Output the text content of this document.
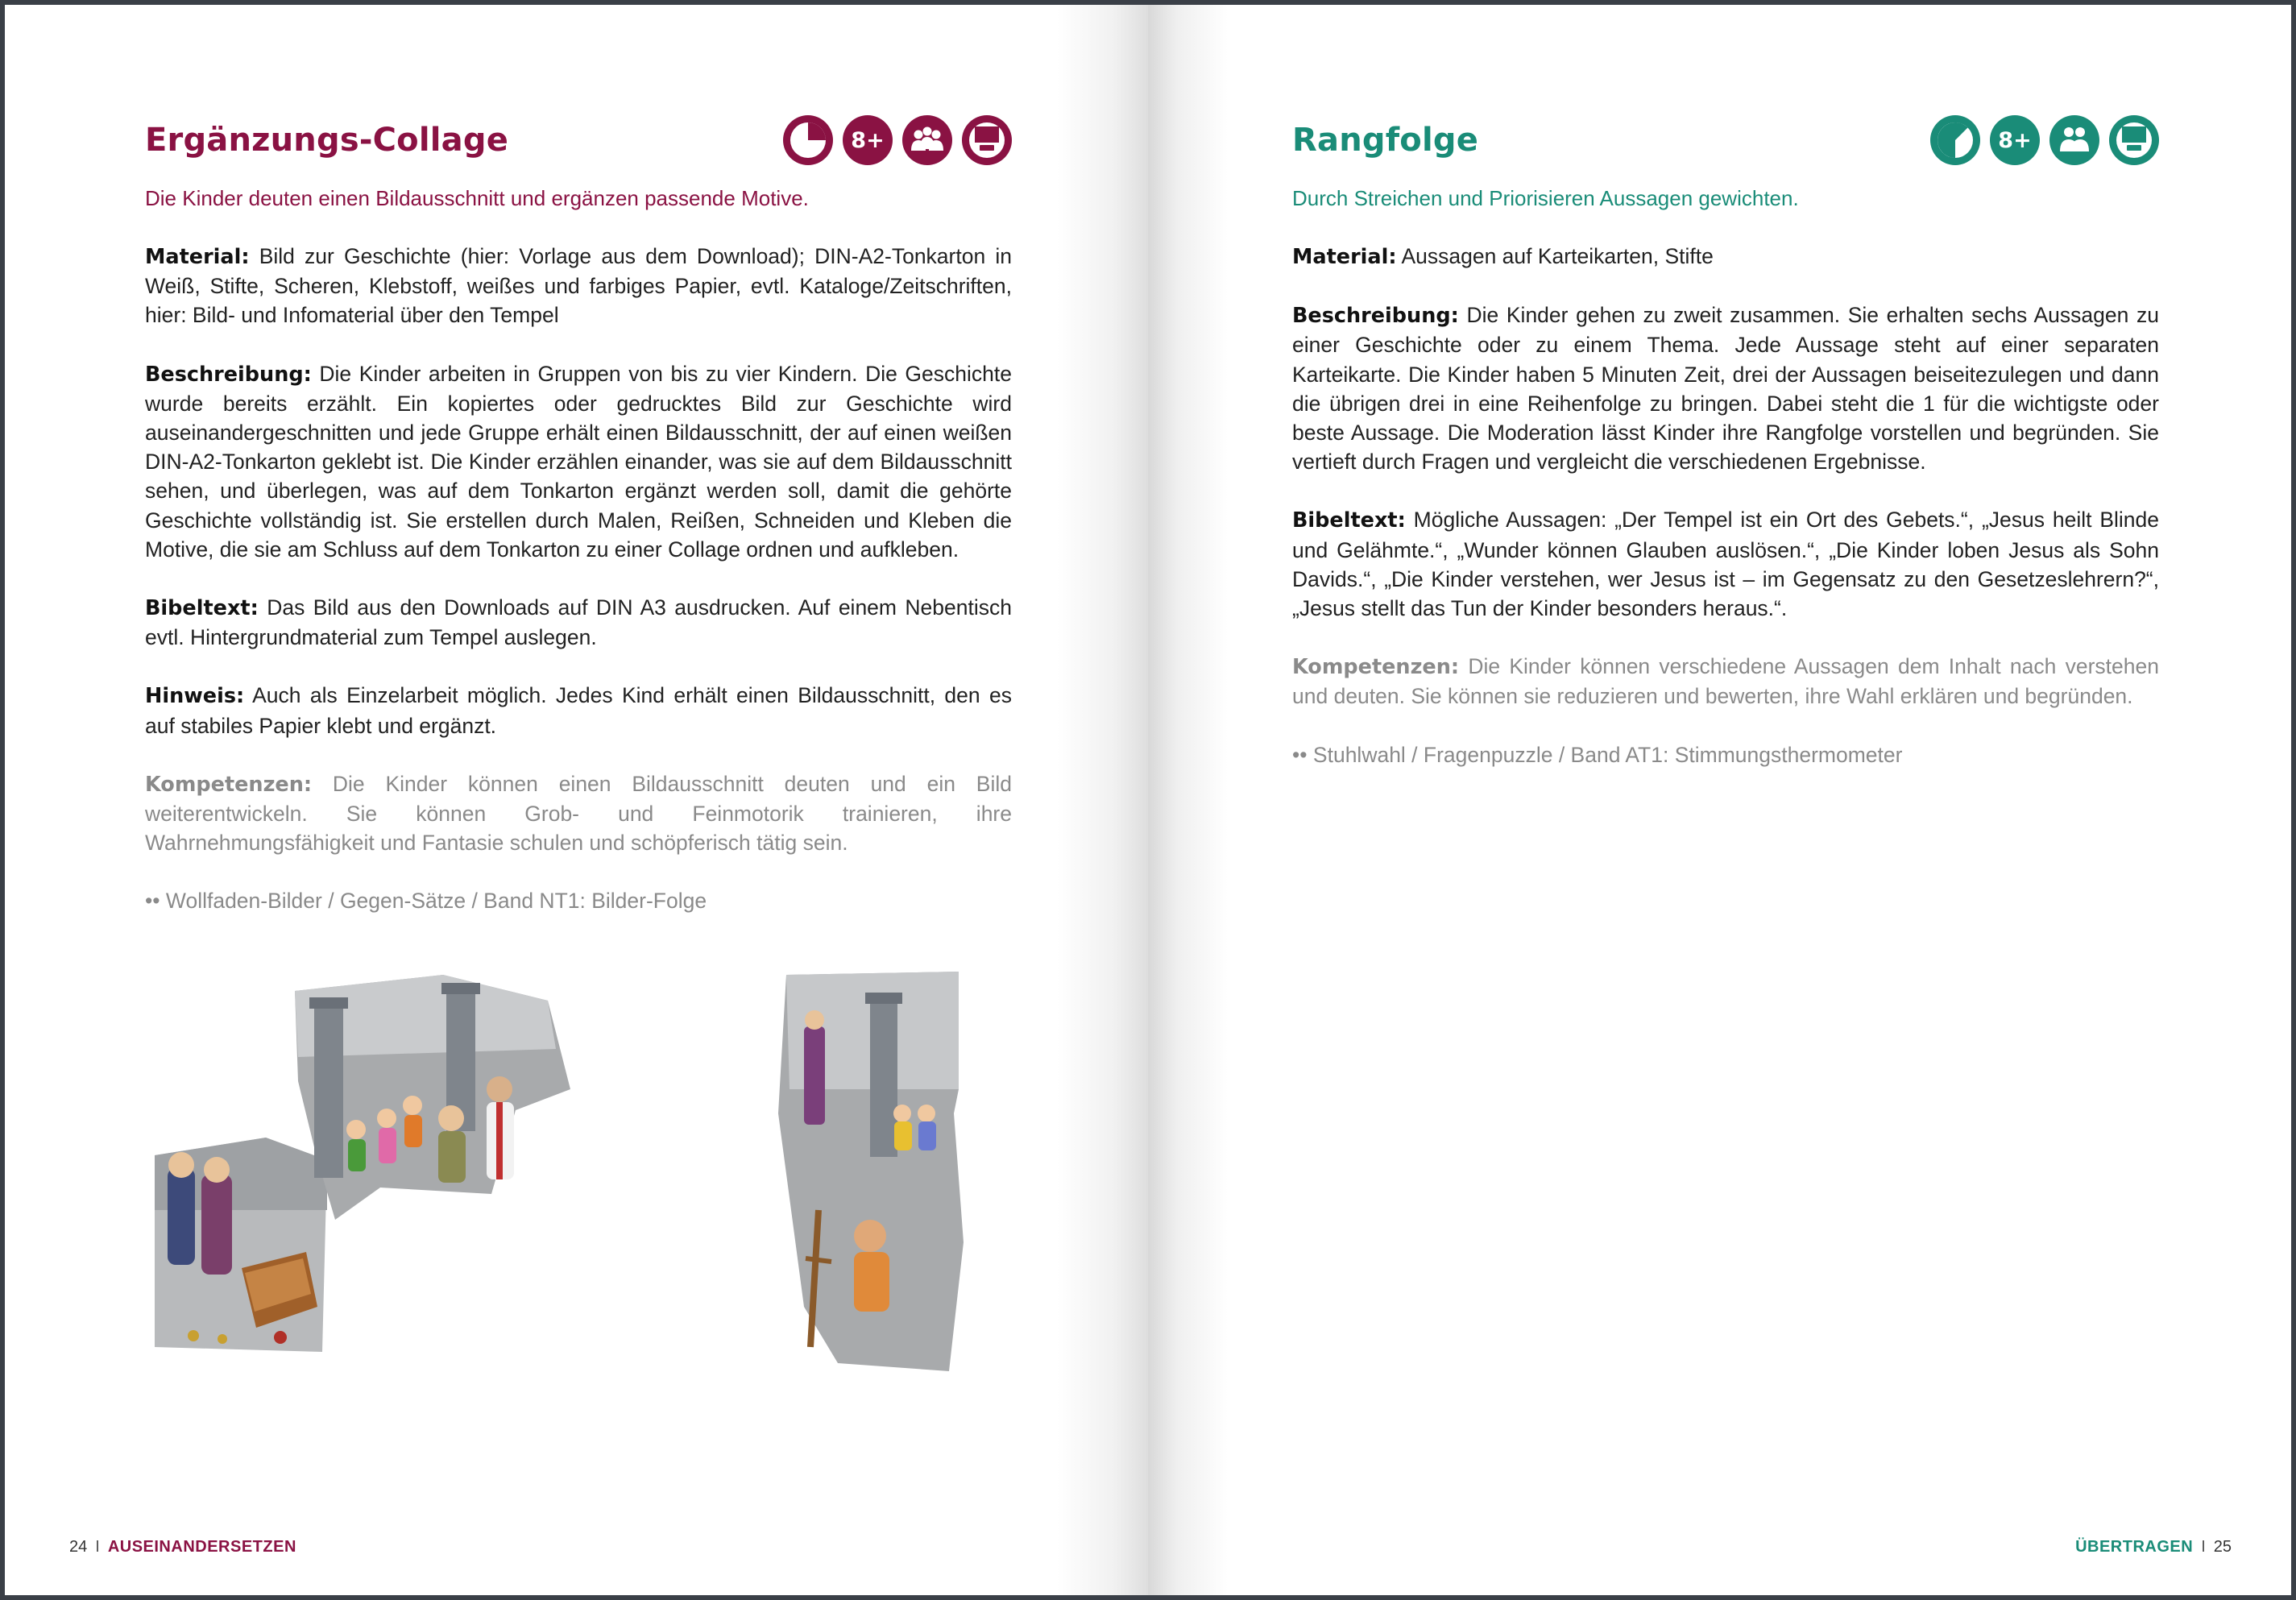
Ergänzungs-Collage	8+
Die Kinder deuten einen Bildausschnitt und ergänzen passende Motive.
Material: Bild zur Geschichte (hier: Vorlage aus dem Download); DIN-A2-Tonkarton in Weiß, Stifte, Scheren, Klebstoff, weißes und farbiges Papier, evtl. Kataloge/Zeitschriften, hier: Bild- und Infomaterial über den Tempel
Beschreibung: Die Kinder arbeiten in Gruppen von bis zu vier Kindern. Die Geschichte wurde bereits erzählt. Ein kopiertes oder gedrucktes Bild zur Geschichte wird auseinandergeschnitten und jede Gruppe erhält einen Bildausschnitt, der auf einen weißen DIN-A2-Tonkarton geklebt ist. Die Kinder erzählen einander, was sie auf dem Bildausschnitt sehen, und überlegen, was auf dem Tonkarton ergänzt werden soll, damit die gehörte Geschichte vollständig ist. Sie erstellen durch Malen, Reißen, Schneiden und Kleben die Motive, die sie am Schluss auf dem Tonkarton zu einer Collage ordnen und aufkleben.
Bibeltext: Das Bild aus den Downloads auf DIN A3 ausdrucken. Auf einem Nebentisch evtl. Hintergrundmaterial zum Tempel auslegen.
Hinweis: Auch als Einzelarbeit möglich. Jedes Kind erhält einen Bildausschnitt, den es auf stabiles Papier klebt und ergänzt.
Kompetenzen: Die Kinder können einen Bildausschnitt deuten und ein Bild weiterentwickeln. Sie können Grob- und Feinmotorik trainieren, ihre Wahrnehmungsfähigkeit und Fantasie schulen und schöpferisch tätig sein.
•• Wollfaden-Bilder / Gegen-Sätze / Band NT1: Bilder-Folge
24 I AUSEINANDERSETZEN
Rangfolge	8+
Durch Streichen und Priorisieren Aussagen gewichten.
Material: Aussagen auf Karteikarten, Stifte
Beschreibung: Die Kinder gehen zu zweit zusammen. Sie erhalten sechs Aussagen zu einer Geschichte oder zu einem Thema. Jede Aussage steht auf einer separaten Karteikarte. Die Kinder haben 5 Minuten Zeit, drei der Aussagen beiseitezulegen und dann die übrigen drei in eine Reihenfolge zu bringen. Dabei steht die 1 für die wichtigste oder beste Aussage. Die Moderation lässt Kinder ihre Rangfolge vorstellen und begründen. Sie vertieft durch Fragen und vergleicht die verschiedenen Ergebnisse.
Bibeltext: Mögliche Aussagen: „Der Tempel ist ein Ort des Gebets.“, „Jesus heilt Blinde und Gelähmte.“, „Wunder können Glauben auslösen.“, „Die Kinder loben Jesus als Sohn Davids.“, „Die Kinder verstehen, wer Jesus ist – im Gegensatz zu den Gesetzeslehrern?“, „Jesus stellt das Tun der Kinder besonders heraus.“.
Kompetenzen: Die Kinder können verschiedene Aussagen dem Inhalt nach verstehen und deuten. Sie können sie reduzieren und bewerten, ihre Wahl erklären und begründen.
•• Stuhlwahl / Fragenpuzzle / Band AT1: Stimmungsthermometer
ÜBERTRAGEN I 25
